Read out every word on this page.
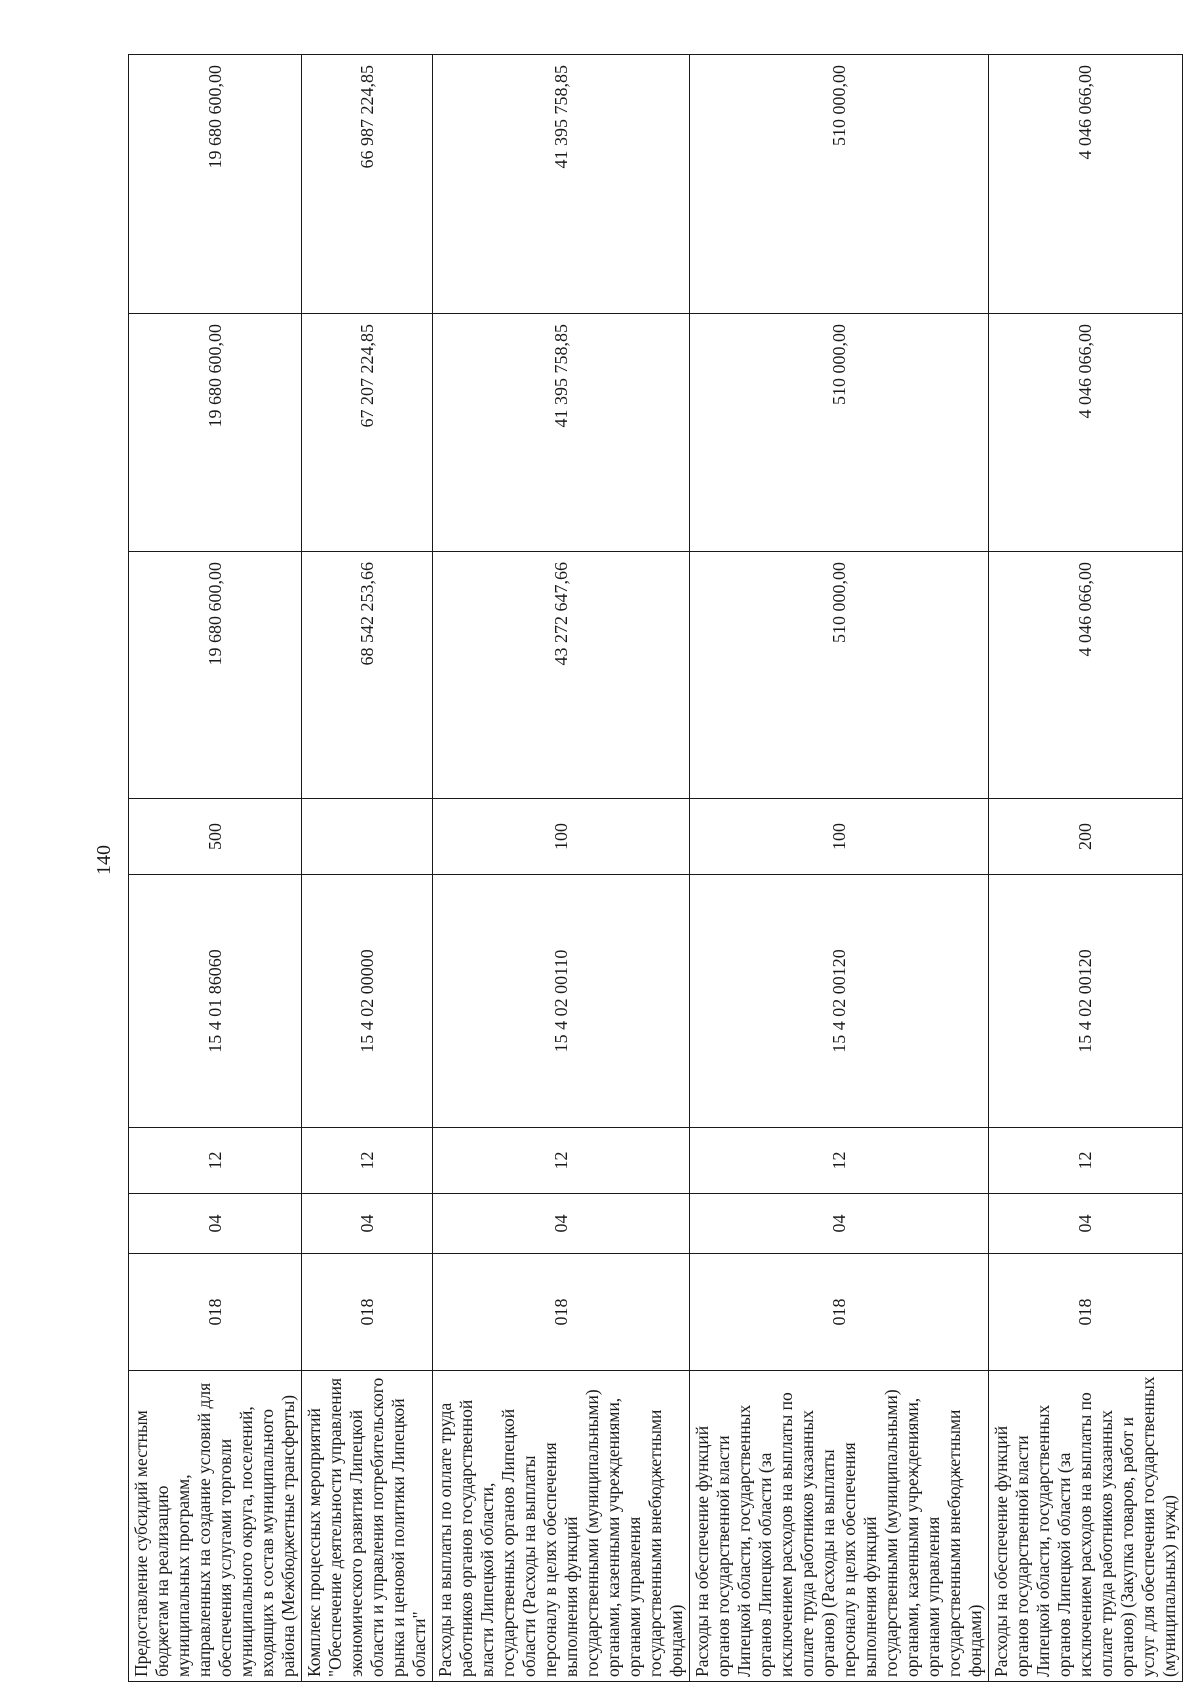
140
Предоставление субсидий местным бюджетам на реализацию муниципальных программ, направленных на создание условий для обеспечения услугами торговли муниципального округа, поселений, входящих в состав муниципального района (Межбюджетные трансферты)	018	04	12	15 4 01 86060	500	19 680 600,00	19 680 600,00	19 680 600,00
Комплекс процессных мероприятий "Обеспечение деятельности управления экономического развития Липецкой области и управления потребительского рынка и ценовой политики Липецкой области"	018	04	12	15 4 02 00000		68 542 253,66	67 207 224,85	66 987 224,85
Расходы на выплаты по оплате труда работников органов государственной власти Липецкой области, государственных органов Липецкой области (Расходы на выплаты персоналу в целях обеспечения выполнения функций государственными (муниципальными) органами, казенными учреждениями, органами управления государственными внебюджетными фондами)	018	04	12	15 4 02 00110	100	43 272 647,66	41 395 758,85	41 395 758,85
Расходы на обеспечение функций органов государственной власти Липецкой области, государственных органов Липецкой области (за исключением расходов на выплаты по оплате труда работников указанных органов) (Расходы на выплаты персоналу в целях обеспечения выполнения функций государственными (муниципальными) органами, казенными учреждениями, органами управления государственными внебюджетными фондами)	018	04	12	15 4 02 00120	100	510 000,00	510 000,00	510 000,00
Расходы на обеспечение функций органов государственной власти Липецкой области, государственных органов Липецкой области (за исключением расходов на выплаты по оплате труда работников указанных органов) (Закупка товаров, работ и услуг для обеспечения государственных (муниципальных) нужд)	018	04	12	15 4 02 00120	200	4 046 066,00	4 046 066,00	4 046 066,00
